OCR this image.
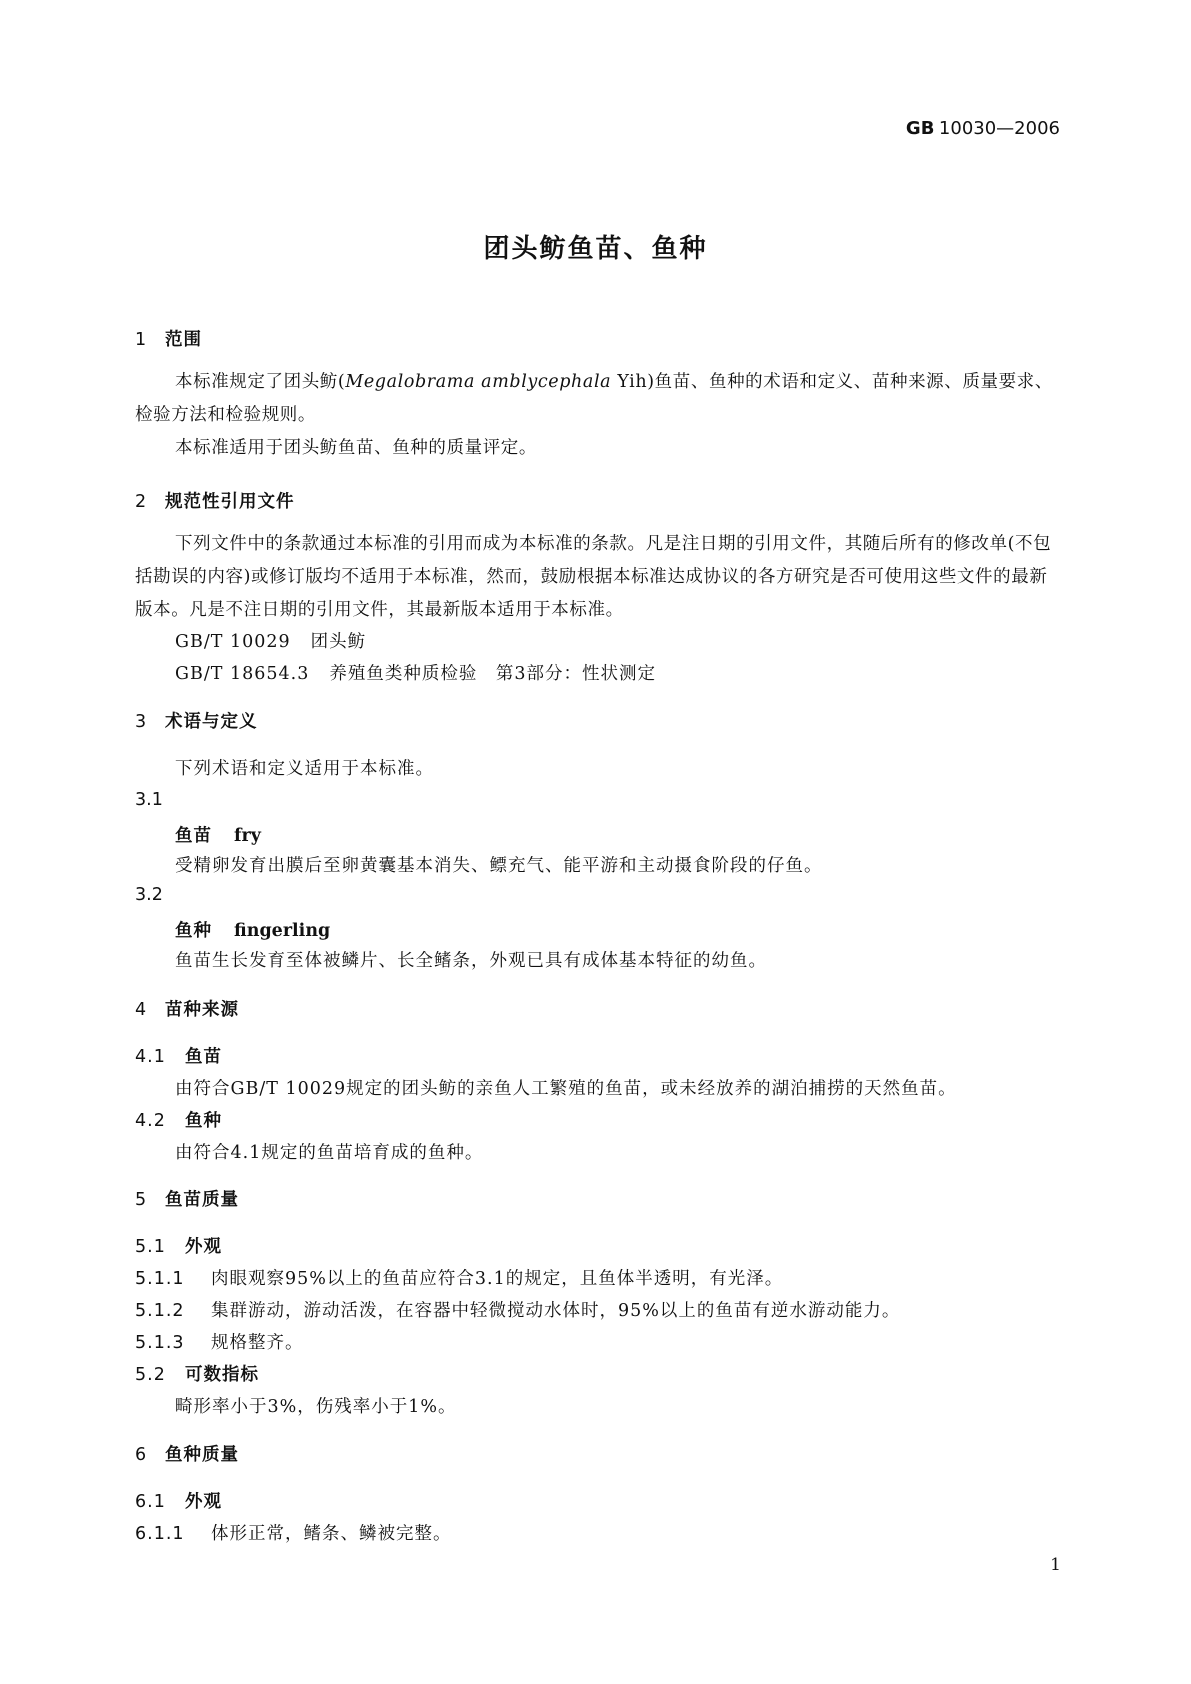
GB 10030—2006
团头鲂鱼苗、鱼种
1 范围
本标准规定了团头鲂(Megalobrama amblycephala Yih)鱼苗、鱼种的术语和定义、苗种来源、质量要求、检验方法和检验规则。
本标准适用于团头鲂鱼苗、鱼种的质量评定。
2 规范性引用文件
下列文件中的条款通过本标准的引用而成为本标准的条款。凡是注日期的引用文件，其随后所有的修改单(不包括勘误的内容)或修订版均不适用于本标准，然而，鼓励根据本标准达成协议的各方研究是否可使用这些文件的最新版本。凡是不注日期的引用文件，其最新版本适用于本标准。
GB/T 10029 团头鲂
GB/T 18654.3 养殖鱼类种质检验　第3部分：性状测定
3 术语与定义
下列术语和定义适用于本标准。
3.1
鱼苗 fry
受精卵发育出膜后至卵黄囊基本消失、鳔充气、能平游和主动摄食阶段的仔鱼。
3.2
鱼种 fingerling
鱼苗生长发育至体被鳞片、长全鳍条，外观已具有成体基本特征的幼鱼。
4 苗种来源
4.1 鱼苗
由符合GB/T 10029规定的团头鲂的亲鱼人工繁殖的鱼苗，或未经放养的湖泊捕捞的天然鱼苗。
4.2 鱼种
由符合4.1规定的鱼苗培育成的鱼种。
5 鱼苗质量
5.1 外观
5.1.1 肉眼观察95%以上的鱼苗应符合3.1的规定，且鱼体半透明，有光泽。
5.1.2 集群游动，游动活泼，在容器中轻微搅动水体时，95%以上的鱼苗有逆水游动能力。
5.1.3 规格整齐。
5.2 可数指标
畸形率小于3%，伤残率小于1%。
6 鱼种质量
6.1 外观
6.1.1 体形正常，鳍条、鳞被完整。
1
